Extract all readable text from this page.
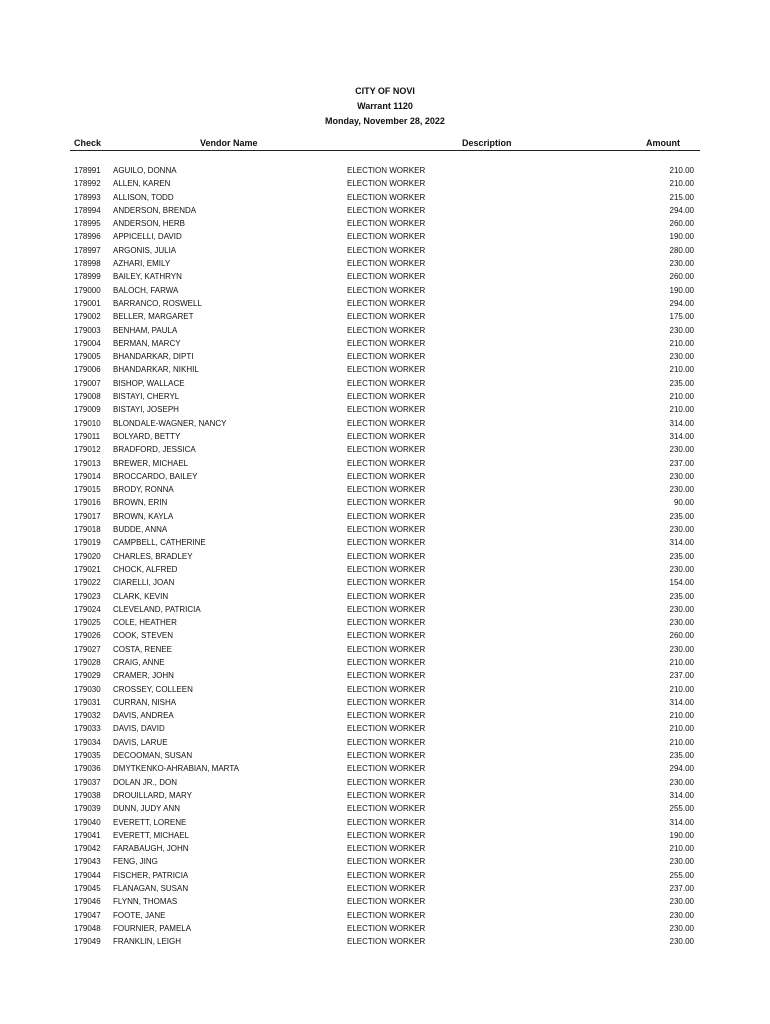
CITY OF NOVI
Warrant 1120
Monday, November 28, 2022
Check	Vendor Name	Description	Amount
178991 AGUILO, DONNA	ELECTION WORKER	210.00
178992 ALLEN, KAREN	ELECTION WORKER	210.00
178993 ALLISON, TODD	ELECTION WORKER	215.00
178994 ANDERSON, BRENDA	ELECTION WORKER	294.00
178995 ANDERSON, HERB	ELECTION WORKER	260.00
178996 APPICELLI, DAVID	ELECTION WORKER	190.00
178997 ARGONIS, JULIA	ELECTION WORKER	280.00
178998 AZHARI, EMILY	ELECTION WORKER	230.00
178999 BAILEY, KATHRYN	ELECTION WORKER	260.00
179000 BALOCH, FARWA	ELECTION WORKER	190.00
179001 BARRANCO, ROSWELL	ELECTION WORKER	294.00
179002 BELLER, MARGARET	ELECTION WORKER	175.00
179003 BENHAM, PAULA	ELECTION WORKER	230.00
179004 BERMAN, MARCY	ELECTION WORKER	210.00
179005 BHANDARKAR, DIPTI	ELECTION WORKER	230.00
179006 BHANDARKAR, NIKHIL	ELECTION WORKER	210.00
179007 BISHOP, WALLACE	ELECTION WORKER	235.00
179008 BISTAYI, CHERYL	ELECTION WORKER	210.00
179009 BISTAYI, JOSEPH	ELECTION WORKER	210.00
179010 BLONDALE-WAGNER, NANCY	ELECTION WORKER	314.00
179011 BOLYARD, BETTY	ELECTION WORKER	314.00
179012 BRADFORD, JESSICA	ELECTION WORKER	230.00
179013 BREWER, MICHAEL	ELECTION WORKER	237.00
179014 BROCCARDO, BAILEY	ELECTION WORKER	230.00
179015 BRODY, RONNA	ELECTION WORKER	230.00
179016 BROWN, ERIN	ELECTION WORKER	90.00
179017 BROWN, KAYLA	ELECTION WORKER	235.00
179018 BUDDE, ANNA	ELECTION WORKER	230.00
179019 CAMPBELL, CATHERINE	ELECTION WORKER	314.00
179020 CHARLES, BRADLEY	ELECTION WORKER	235.00
179021 CHOCK, ALFRED	ELECTION WORKER	230.00
179022 CIARELLI, JOAN	ELECTION WORKER	154.00
179023 CLARK, KEVIN	ELECTION WORKER	235.00
179024 CLEVELAND, PATRICIA	ELECTION WORKER	230.00
179025 COLE, HEATHER	ELECTION WORKER	230.00
179026 COOK, STEVEN	ELECTION WORKER	260.00
179027 COSTA, RENEE	ELECTION WORKER	230.00
179028 CRAIG, ANNE	ELECTION WORKER	210.00
179029 CRAMER, JOHN	ELECTION WORKER	237.00
179030 CROSSEY, COLLEEN	ELECTION WORKER	210.00
179031 CURRAN, NISHA	ELECTION WORKER	314.00
179032 DAVIS, ANDREA	ELECTION WORKER	210.00
179033 DAVIS, DAVID	ELECTION WORKER	210.00
179034 DAVIS, LARUE	ELECTION WORKER	210.00
179035 DECOOMAN, SUSAN	ELECTION WORKER	235.00
179036 DMYTKENKO-AHRABIAN, MARTA	ELECTION WORKER	294.00
179037 DOLAN JR., DON	ELECTION WORKER	230.00
179038 DROUILLARD, MARY	ELECTION WORKER	314.00
179039 DUNN, JUDY ANN	ELECTION WORKER	255.00
179040 EVERETT, LORENE	ELECTION WORKER	314.00
179041 EVERETT, MICHAEL	ELECTION WORKER	190.00
179042 FARABAUGH, JOHN	ELECTION WORKER	210.00
179043 FENG, JING	ELECTION WORKER	230.00
179044 FISCHER, PATRICIA	ELECTION WORKER	255.00
179045 FLANAGAN, SUSAN	ELECTION WORKER	237.00
179046 FLYNN, THOMAS	ELECTION WORKER	230.00
179047 FOOTE, JANE	ELECTION WORKER	230.00
179048 FOURNIER, PAMELA	ELECTION WORKER	230.00
179049 FRANKLIN, LEIGH	ELECTION WORKER	230.00
